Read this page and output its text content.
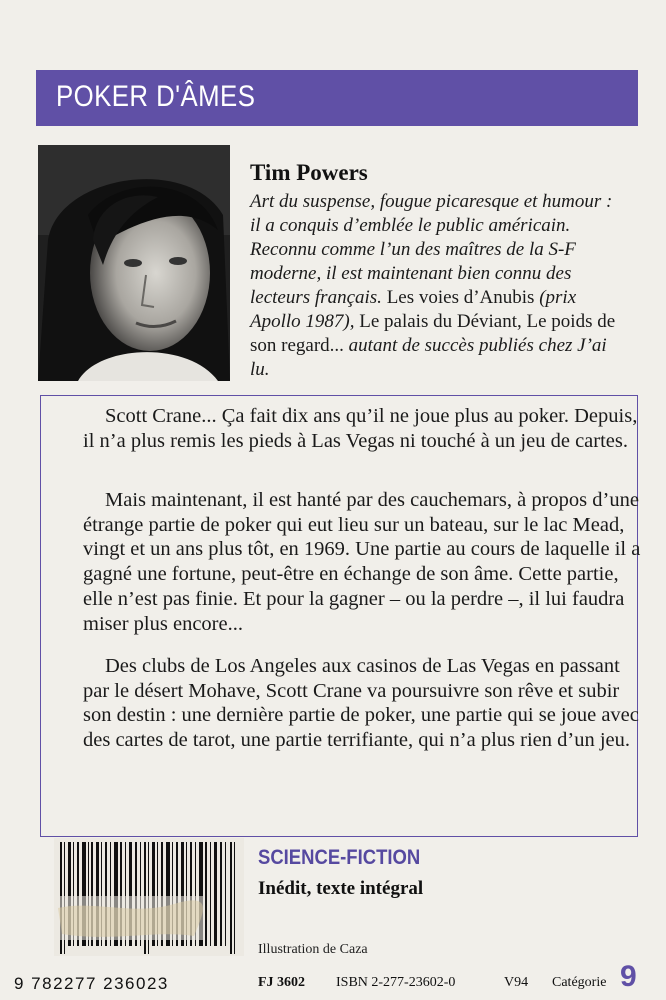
POKER D'ÂMES
Tim Powers
Art du suspense, fougue picaresque et humour : il a conquis d’emblée le public américain. Reconnu comme l’un des maîtres de la S-F moderne, il est maintenant bien connu des lecteurs français. Les voies d’Anubis (prix Apollo 1987), Le palais du Déviant, Le poids de son regard... autant de succès publiés chez J’ai lu.

Scott Crane... Ça fait dix ans qu’il ne joue plus au poker. Depuis, il n’a plus remis les pieds à Las Vegas ni touché à un jeu de cartes.

Mais maintenant, il est hanté par des cauchemars, à propos d’une étrange partie de poker qui eut lieu sur un bateau, sur le lac Mead, vingt et un ans plus tôt, en 1969. Une partie au cours de laquelle il a gagné une fortune, peut-être en échange de son âme. Cette partie, elle n’est pas finie. Et pour la gagner – ou la perdre –, il lui faudra miser plus encore...

Des clubs de Los Angeles aux casinos de Las Vegas en passant par le désert Mohave, Scott Crane va poursuivre son rêve et subir son destin : une dernière partie de poker, une partie qui se joue avec des cartes de tarot, une partie terrifiante, qui n’a plus rien d’un jeu.

9 782277 236023
SCIENCE-FICTION
Inédit, texte intégral
Illustration de Caza
FJ 3602 ISBN 2-277-23602-0	V94 Catégorie 9
